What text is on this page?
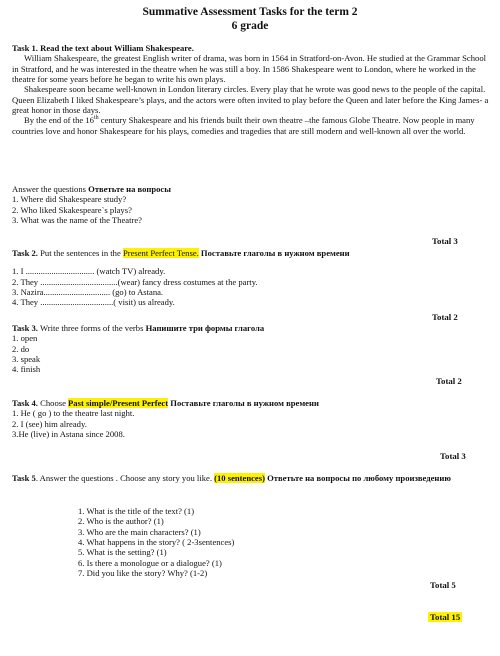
Summative Assessment Tasks for the term 2
6 grade

Task 1. Read the text about William Shakespeare.

William Shakespeare, the greatest English writer of drama, was born in 1564 in Stratford-on-Avon. He studied at the Grammar School in Stratford, and he was interested in the theatre when he was still a boy. In 1586 Shakespeare went to London, where he worked in the theatre for some years before he began to write his own plays.

Shakespeare soon became well-known in London literary circles. Every play that he wrote was good news to the people of the capital. Queen Elizabeth I liked Shakespeare’s plays, and the actors were often invited to play before the Queen and later before the King James- a great honor in those days.

By the end of the 16th century Shakespeare and his friends built their own theatre –the famous Globe Theatre. Now people in many countries love and honor Shakespeare for his plays, comedies and tragedies that are still modern and well-known all over the world.

Answer the questions Ответьте на вопросы

1. Where did Shakespeare study?

2. Who liked Skakespeare`s plays?

3. What was the name of the Theatre?

Total 3

Task 2. Put the sentences in the Present Perfect Tense. Поставьте глаголы в нужном времени

1. I ................................ (watch TV) already.

2. They ....................................(wear) fancy dress costumes at the party.

3. Nazira............................... (go) to Astana.

4. They ..................................( visit) us already.

Total 2

Task 3. Write three forms of the verbs Напишите три формы глагола

1. open

2. do

3. speak

4. finish

Total 2

Task 4. Choose Past simple/Present Perfect Поставьте глаголы в нужном времени

1. He ( go ) to the theatre last night.

2. I (see) him already.

3.He (live) in Astana since 2008.

Total 3

Task 5. Answer the questions . Choose any story you like. (10 sentences) Ответьте на вопросы по любому произведению

1. What is the title of the text? (1)

2. Who is the author? (1)

3. Who are the main characters? (1)

4. What happens in the story? ( 2-3sentences)

5. What is the setting? (1)

6. Is there a monologue or a dialogue? (1)

7. Did you like the story? Why? (1-2)

Total 5
Total 15
